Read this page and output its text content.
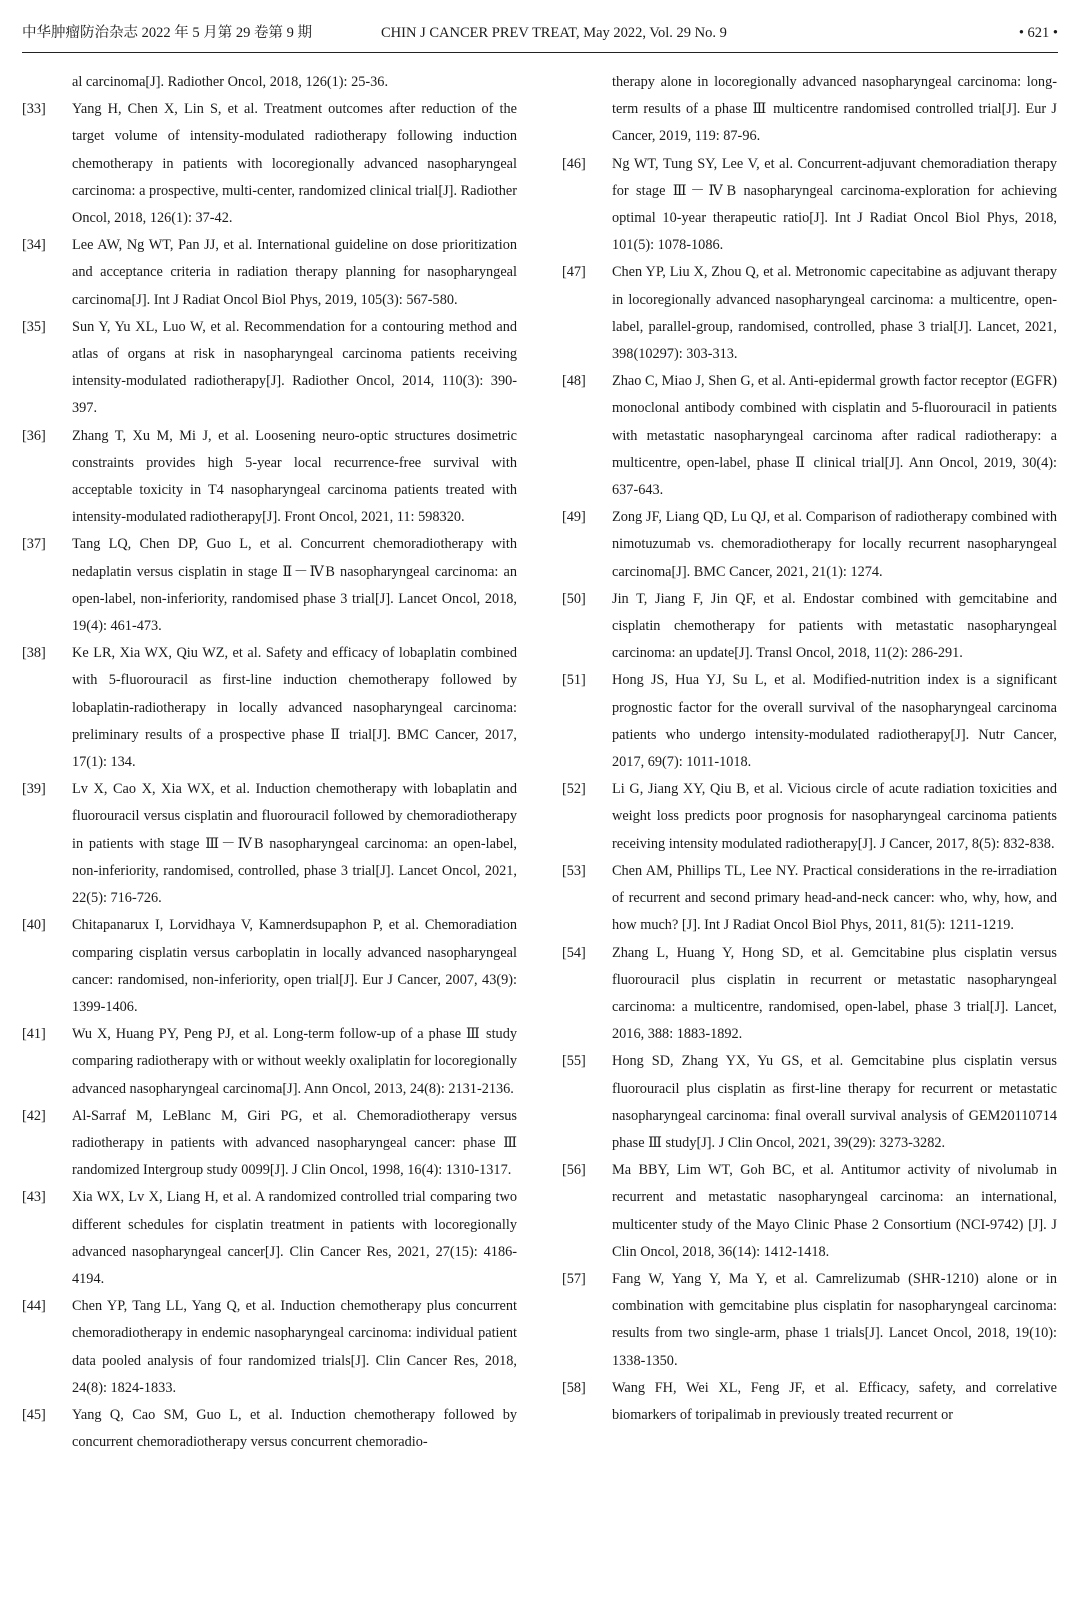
中华肿瘤防治杂志 2022 年 5 月第 29 卷第 9 期	CHIN J CANCER PREV TREAT, May 2022, Vol. 29 No. 9	• 621 •
al carcinoma[J]. Radiother Oncol, 2018, 126(1): 25-36.
[33] Yang H, Chen X, Lin S, et al. Treatment outcomes after reduction of the target volume of intensity-modulated radiotherapy following induction chemotherapy in patients with locoregionally advanced nasopharyngeal carcinoma: a prospective, multi-center, randomized clinical trial[J]. Radiother Oncol, 2018, 126(1): 37-42.
[34] Lee AW, Ng WT, Pan JJ, et al. International guideline on dose prioritization and acceptance criteria in radiation therapy planning for nasopharyngeal carcinoma[J]. Int J Radiat Oncol Biol Phys, 2019, 105(3): 567-580.
[35] Sun Y, Yu XL, Luo W, et al. Recommendation for a contouring method and atlas of organs at risk in nasopharyngeal carcinoma patients receiving intensity-modulated radiotherapy[J]. Radiother Oncol, 2014, 110(3): 390-397.
[36] Zhang T, Xu M, Mi J, et al. Loosening neuro-optic structures dosimetric constraints provides high 5-year local recurrence-free survival with acceptable toxicity in T4 nasopharyngeal carcinoma patients treated with intensity-modulated radiotherapy[J]. Front Oncol, 2021, 11: 598320.
[37] Tang LQ, Chen DP, Guo L, et al. Concurrent chemoradiotherapy with nedaplatin versus cisplatin in stage Ⅱ－ⅣB nasopharyngeal carcinoma: an open-label, non-inferiority, randomised phase 3 trial[J]. Lancet Oncol, 2018, 19(4): 461-473.
[38] Ke LR, Xia WX, Qiu WZ, et al. Safety and efficacy of lobaplatin combined with 5-fluorouracil as first-line induction chemotherapy followed by lobaplatin-radiotherapy in locally advanced nasopharyngeal carcinoma: preliminary results of a prospective phase Ⅱ trial[J]. BMC Cancer, 2017, 17(1): 134.
[39] Lv X, Cao X, Xia WX, et al. Induction chemotherapy with lobaplatin and fluorouracil versus cisplatin and fluorouracil followed by chemoradiotherapy in patients with stage Ⅲ－ⅣB nasopharyngeal carcinoma: an open-label, non-inferiority, randomised, controlled, phase 3 trial[J]. Lancet Oncol, 2021, 22(5): 716-726.
[40] Chitapanarux I, Lorvidhaya V, Kamnerdsupaphon P, et al. Chemoradiation comparing cisplatin versus carboplatin in locally advanced nasopharyngeal cancer: randomised, non-inferiority, open trial[J]. Eur J Cancer, 2007, 43(9): 1399-1406.
[41] Wu X, Huang PY, Peng PJ, et al. Long-term follow-up of a phase Ⅲ study comparing radiotherapy with or without weekly oxaliplatin for locoregionally advanced nasopharyngeal carcinoma[J]. Ann Oncol, 2013, 24(8): 2131-2136.
[42] Al-Sarraf M, LeBlanc M, Giri PG, et al. Chemoradiotherapy versus radiotherapy in patients with advanced nasopharyngeal cancer: phase Ⅲ randomized Intergroup study 0099[J]. J Clin Oncol, 1998, 16(4): 1310-1317.
[43] Xia WX, Lv X, Liang H, et al. A randomized controlled trial comparing two different schedules for cisplatin treatment in patients with locoregionally advanced nasopharyngeal cancer[J]. Clin Cancer Res, 2021, 27(15): 4186-4194.
[44] Chen YP, Tang LL, Yang Q, et al. Induction chemotherapy plus concurrent chemoradiotherapy in endemic nasopharyngeal carcinoma: individual patient data pooled analysis of four randomized trials[J]. Clin Cancer Res, 2018, 24(8): 1824-1833.
[45] Yang Q, Cao SM, Guo L, et al. Induction chemotherapy followed by concurrent chemoradiotherapy versus concurrent chemoradio-
therapy alone in locoregionally advanced nasopharyngeal carcinoma: long-term results of a phase Ⅲ multicentre randomised controlled trial[J]. Eur J Cancer, 2019, 119: 87-96.
[46] Ng WT, Tung SY, Lee V, et al. Concurrent-adjuvant chemoradiation therapy for stage Ⅲ－ⅣB nasopharyngeal carcinoma-exploration for achieving optimal 10-year therapeutic ratio[J]. Int J Radiat Oncol Biol Phys, 2018, 101(5): 1078-1086.
[47] Chen YP, Liu X, Zhou Q, et al. Metronomic capecitabine as adjuvant therapy in locoregionally advanced nasopharyngeal carcinoma: a multicentre, open-label, parallel-group, randomised, controlled, phase 3 trial[J]. Lancet, 2021, 398(10297): 303-313.
[48] Zhao C, Miao J, Shen G, et al. Anti-epidermal growth factor receptor (EGFR) monoclonal antibody combined with cisplatin and 5-fluorouracil in patients with metastatic nasopharyngeal carcinoma after radical radiotherapy: a multicentre, open-label, phase Ⅱ clinical trial[J]. Ann Oncol, 2019, 30(4): 637-643.
[49] Zong JF, Liang QD, Lu QJ, et al. Comparison of radiotherapy combined with nimotuzumab vs. chemoradiotherapy for locally recurrent nasopharyngeal carcinoma[J]. BMC Cancer, 2021, 21(1): 1274.
[50] Jin T, Jiang F, Jin QF, et al. Endostar combined with gemcitabine and cisplatin chemotherapy for patients with metastatic nasopharyngeal carcinoma: an update[J]. Transl Oncol, 2018, 11(2): 286-291.
[51] Hong JS, Hua YJ, Su L, et al. Modified-nutrition index is a significant prognostic factor for the overall survival of the nasopharyngeal carcinoma patients who undergo intensity-modulated radiotherapy[J]. Nutr Cancer, 2017, 69(7): 1011-1018.
[52] Li G, Jiang XY, Qiu B, et al. Vicious circle of acute radiation toxicities and weight loss predicts poor prognosis for nasopharyngeal carcinoma patients receiving intensity modulated radiotherapy[J]. J Cancer, 2017, 8(5): 832-838.
[53] Chen AM, Phillips TL, Lee NY. Practical considerations in the re-irradiation of recurrent and second primary head-and-neck cancer: who, why, how, and how much? [J]. Int J Radiat Oncol Biol Phys, 2011, 81(5): 1211-1219.
[54] Zhang L, Huang Y, Hong SD, et al. Gemcitabine plus cisplatin versus fluorouracil plus cisplatin in recurrent or metastatic nasopharyngeal carcinoma: a multicentre, randomised, open-label, phase 3 trial[J]. Lancet, 2016, 388: 1883-1892.
[55] Hong SD, Zhang YX, Yu GS, et al. Gemcitabine plus cisplatin versus fluorouracil plus cisplatin as first-line therapy for recurrent or metastatic nasopharyngeal carcinoma: final overall survival analysis of GEM20110714 phase Ⅲ study[J]. J Clin Oncol, 2021, 39(29): 3273-3282.
[56] Ma BBY, Lim WT, Goh BC, et al. Antitumor activity of nivolumab in recurrent and metastatic nasopharyngeal carcinoma: an international, multicenter study of the Mayo Clinic Phase 2 Consortium (NCI-9742) [J]. J Clin Oncol, 2018, 36(14): 1412-1418.
[57] Fang W, Yang Y, Ma Y, et al. Camrelizumab (SHR-1210) alone or in combination with gemcitabine plus cisplatin for nasopharyngeal carcinoma: results from two single-arm, phase 1 trials[J]. Lancet Oncol, 2018, 19(10): 1338-1350.
[58] Wang FH, Wei XL, Feng JF, et al. Efficacy, safety, and correlative biomarkers of toripalimab in previously treated recurrent or
